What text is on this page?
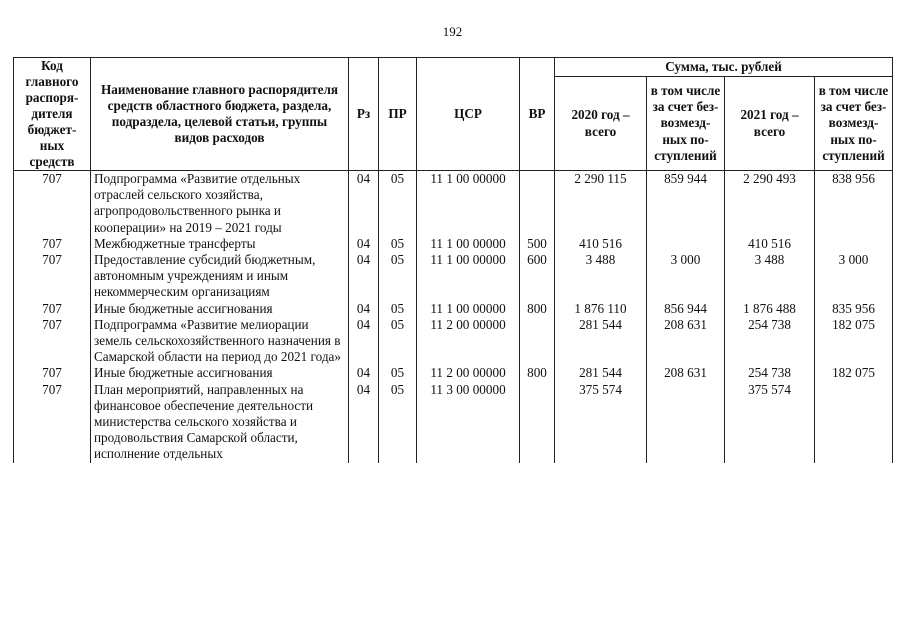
192
Код главного распоря-дителя бюджет-ных средств	Наименование главного распорядителя средств областного бюджета, раздела, подраздела, целевой статьи, группы видов расходов	Рз	ПР	ЦСР	ВР	Сумма, тыс. рублей			
						2020 год – всего	в том числе за счет без-возмезд-ных по-ступлений	2021 год – всего	в том числе за счет без-возмезд-ных по-ступлений
707	Подпрограмма «Развитие отдельных отраслей сельского хозяйства, агропродовольственного рынка и кооперации» на 2019 – 2021 годы	04	05	11 1 00 00000		2 290 115	859 944	2 290 493	838 956
707	Межбюджетные трансферты	04	05	11 1 00 00000	500	410 516		410 516	
707	Предоставление субсидий бюджетным, автономным учреждениям и иным некоммерческим организациям	04	05	11 1 00 00000	600	3 488	3 000	3 488	3 000
707	Иные бюджетные ассигнования	04	05	11 1 00 00000	800	1 876 110	856 944	1 876 488	835 956
707	Подпрограмма «Развитие мелиорации земель сельскохозяйственного назначения в Самарской области на период до 2021 года»	04	05	11 2 00 00000		281 544	208 631	254 738	182 075
707	Иные бюджетные ассигнования	04	05	11 2 00 00000	800	281 544	208 631	254 738	182 075
707	План мероприятий, направленных на финансовое обеспечение деятельности министерства сельского хозяйства и продовольствия Самарской области, исполнение отдельных	04	05	11 3 00 00000		375 574		375 574	
